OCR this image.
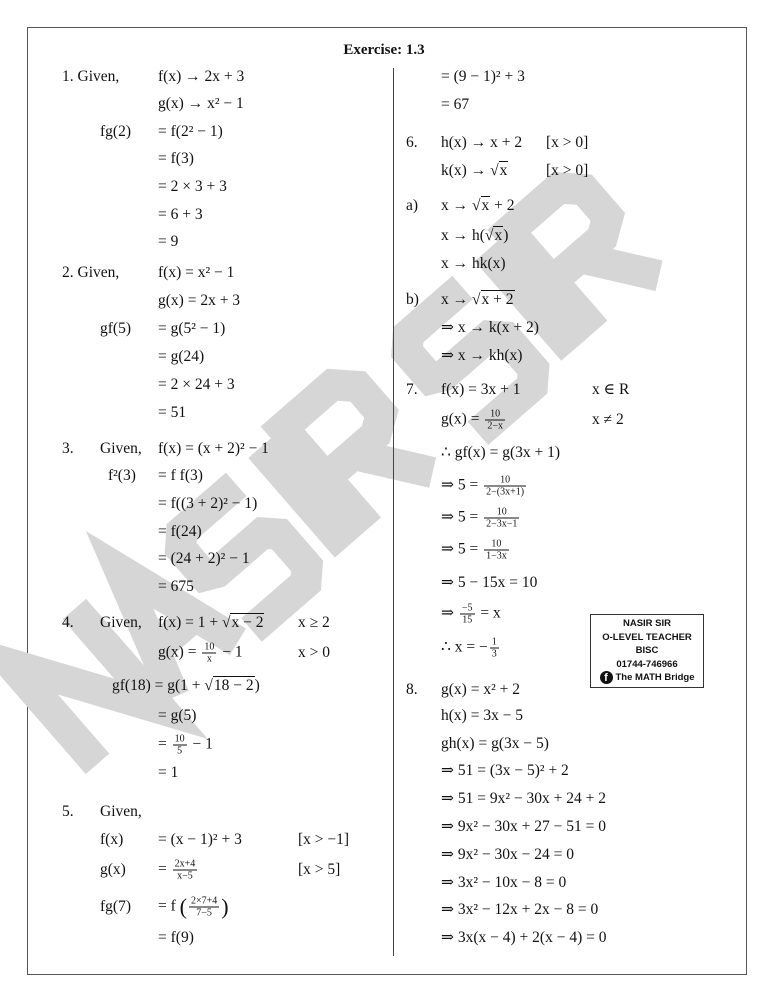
Exercise: 1.3
1. Given, f(x) → 2x + 3
g(x) → x² − 1
fg(2) = f(2² − 1)
= f(3)
= 2 × 3 + 3
= 6 + 3
= 9
2. Given, f(x) = x² − 1
g(x) = 2x + 3
gf(5) = g(5² − 1)
= g(24)
= 2 × 24 + 3
= 51
3. Given, f(x) = (x + 2)² − 1
f²(3) = f f(3)
= f((3 + 2)² − 1)
= f(24)
= (24 + 2)² − 1
= 675
4. Given, f(x) = 1 + √x − 2 x ≥ 2
$g(x) = \frac{10}{x} - 1$	x > 0
gf(18) = g(1 + √18 − 2)
= g(5)
= $\frac{10}{5} - 1$
= 1
5. Given,
f(x) = (x − 1)² + 3	[x > −1]
$g(x) = \frac{2x+4}{x-5}$	[x > 5]
fg(7) = f ( $\frac{2\times 7+4}{7-5}$ )
= f(9)
= (9 − 1)² + 3
= 67
6. h(x) → x + 2 [x > 0]
k(x) → √x [x > 0]
a) x → √x + 2
x → h(√x)
x → hk(x)
b) x → √x + 2
⇒ x → k(x + 2)
⇒ x → kh(x)
7. f(x) = 3x + 1	x ∈ R
$g(x) = \frac{10}{2-x}$	x ≠ 2
∴ gf(x) = g(3x + 1)
⇒ $5 = \frac{10}{2-(3x+1)}$
⇒ $5 = \frac{10}{2-3x-1}$
⇒ $5 = \frac{10}{1-3x}$
⇒ 5 − 15x = 10
⇒ $\frac{-5}{15} = x$
∴ x = − $\frac{1}{3}$
8. g(x) = x² + 2
h(x) = 3x − 5
gh(x) = g(3x − 5)
⇒ 51 = (3x − 5)² + 2
⇒ 51 = 9x² − 30x + 24 + 2
⇒ 9x² − 30x + 27 − 51 = 0
⇒ 9x² − 30x − 24 = 0
⇒ 3x² − 10x − 8 = 0
⇒ 3x² − 12x + 2x − 8 = 0
⇒ 3x(x − 4) + 2(x − 4) = 0
NASIR SIR
O-LEVEL TEACHER
BISC
01744-746966
f The MATH Bridge
